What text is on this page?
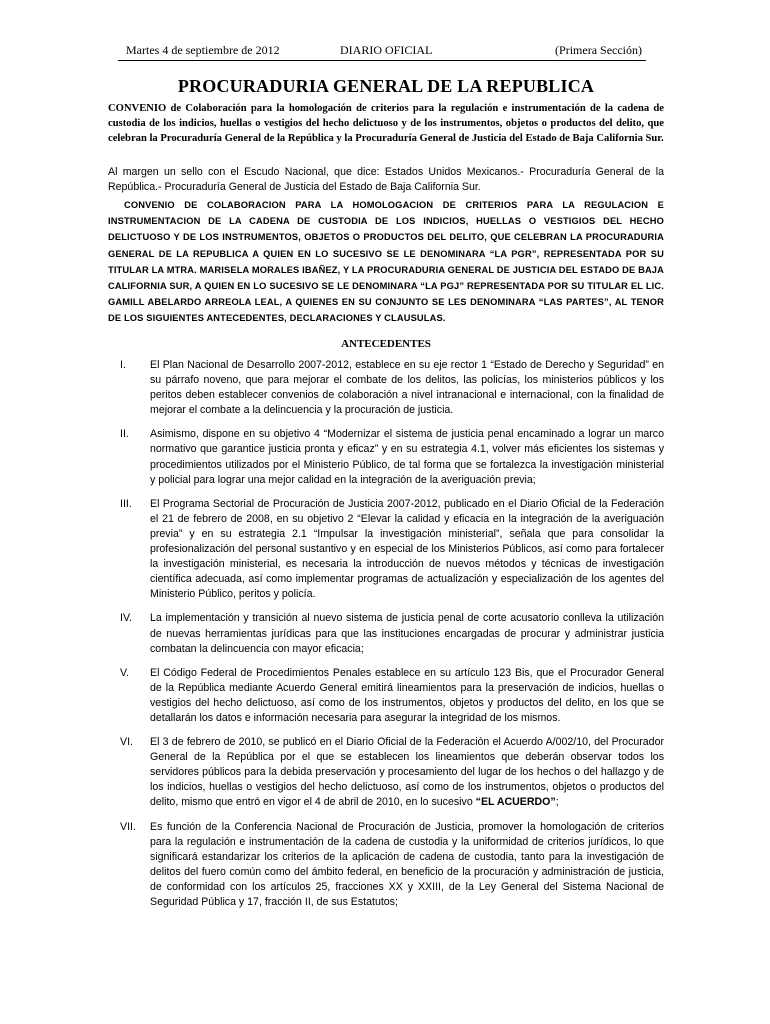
Martes 4 de septiembre de 2012	DIARIO OFICIAL	(Primera Sección)
PROCURADURIA GENERAL DE LA REPUBLICA
CONVENIO de Colaboración para la homologación de criterios para la regulación e instrumentación de la cadena de custodia de los indicios, huellas o vestigios del hecho delictuoso y de los instrumentos, objetos o productos del delito, que celebran la Procuraduría General de la República y la Procuraduría General de Justicia del Estado de Baja California Sur.
Al margen un sello con el Escudo Nacional, que dice: Estados Unidos Mexicanos.- Procuraduría General de la República.- Procuraduría General de Justicia del Estado de Baja California Sur.
CONVENIO DE COLABORACION PARA LA HOMOLOGACION DE CRITERIOS PARA LA REGULACION E INSTRUMENTACION DE LA CADENA DE CUSTODIA DE LOS INDICIOS, HUELLAS O VESTIGIOS DEL HECHO DELICTUOSO Y DE LOS INSTRUMENTOS, OBJETOS O PRODUCTOS DEL DELITO, QUE CELEBRAN LA PROCURADURIA GENERAL DE LA REPUBLICA A QUIEN EN LO SUCESIVO SE LE DENOMINARA “LA PGR”, REPRESENTADA POR SU TITULAR LA MTRA. MARISELA MORALES IBAÑEZ, Y LA PROCURADURIA GENERAL DE JUSTICIA DEL ESTADO DE BAJA CALIFORNIA SUR, A QUIEN EN LO SUCESIVO SE LE DENOMINARA “LA PGJ” REPRESENTADA POR SU TITULAR EL LIC. GAMILL ABELARDO ARREOLA LEAL, A QUIENES EN SU CONJUNTO SE LES DENOMINARA “LAS PARTES”, AL TENOR DE LOS SIGUIENTES ANTECEDENTES, DECLARACIONES Y CLAUSULAS.
ANTECEDENTES
I. El Plan Nacional de Desarrollo 2007-2012, establece en su eje rector 1 “Estado de Derecho y Seguridad” en su párrafo noveno, que para mejorar el combate de los delitos, las policías, los ministerios públicos y los peritos deben establecer convenios de colaboración a nivel intranacional e internacional, con la finalidad de mejorar el combate a la delincuencia y la procuración de justicia.
II. Asimismo, dispone en su objetivo 4 “Modernizar el sistema de justicia penal encaminado a lograr un marco normativo que garantice justicia pronta y eficaz” y en su estrategia 4.1, volver más eficientes los sistemas y procedimientos utilizados por el Ministerio Público, de tal forma que se fortalezca la investigación ministerial y policial para lograr una mejor calidad en la integración de la averiguación previa;
III. El Programa Sectorial de Procuración de Justicia 2007-2012, publicado en el Diario Oficial de la Federación el 21 de febrero de 2008, en su objetivo 2 “Elevar la calidad y eficacia en la integración de la averiguación previa” y en su estrategia 2.1 “Impulsar la investigación ministerial”, señala que para consolidar la profesionalización del personal sustantivo y en especial de los Ministerios Públicos, así como para fortalecer la investigación ministerial, es necesaria la introducción de nuevos métodos y técnicas de investigación científica adecuada, así como implementar programas de actualización y especialización de los agentes del Ministerio Público, peritos y policía.
IV. La implementación y transición al nuevo sistema de justicia penal de corte acusatorio conlleva la utilización de nuevas herramientas jurídicas para que las instituciones encargadas de procurar y administrar justicia combatan la delincuencia con mayor eficacia;
V. El Código Federal de Procedimientos Penales establece en su artículo 123 Bis, que el Procurador General de la República mediante Acuerdo General emitirá lineamientos para la preservación de indicios, huellas o vestigios del hecho delictuoso, así como de los instrumentos, objetos y productos del delito, en los que se detallarán los datos e información necesaria para asegurar la integridad de los mismos.
VI. El 3 de febrero de 2010, se publicó en el Diario Oficial de la Federación el Acuerdo A/002/10, del Procurador General de la República por el que se establecen los lineamientos que deberán observar todos los servidores públicos para la debida preservación y procesamiento del lugar de los hechos o del hallazgo y de los indicios, huellas o vestigios del hecho delictuoso, así como de los instrumentos, objetos o productos del delito, mismo que entró en vigor el 4 de abril de 2010, en lo sucesivo “EL ACUERDO”;
VII. Es función de la Conferencia Nacional de Procuración de Justicia, promover la homologación de criterios para la regulación e instrumentación de la cadena de custodia y la uniformidad de criterios jurídicos, lo que significará estandarizar los criterios de la aplicación de cadena de custodia, tanto para la investigación de delitos del fuero común como del ámbito federal, en beneficio de la procuración y administración de justicia, de conformidad con los artículos 25, fracciones XX y XXIII, de la Ley General del Sistema Nacional de Seguridad Pública y 17, fracción II, de sus Estatutos;
